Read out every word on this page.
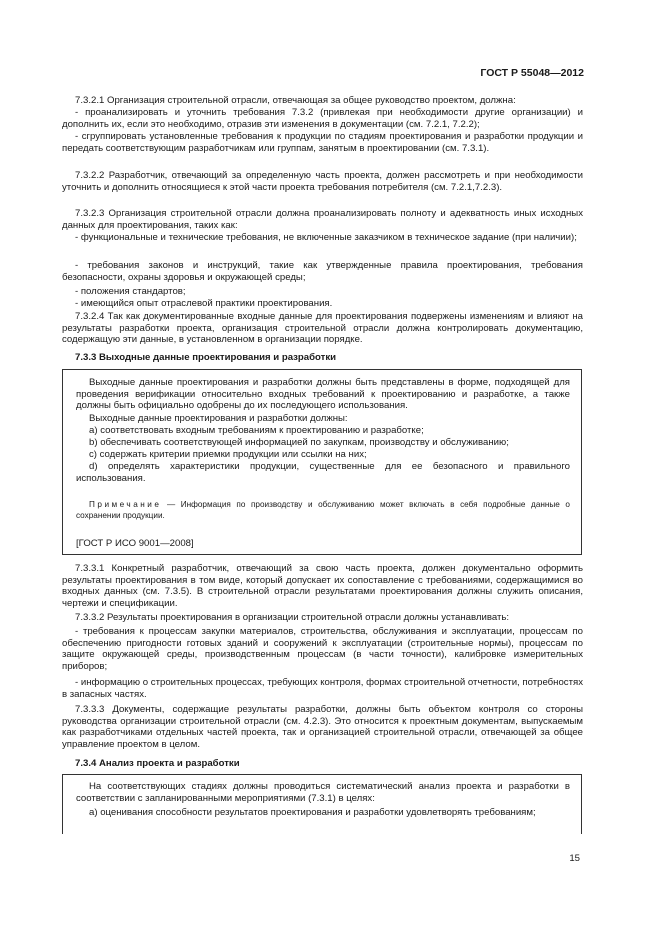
ГОСТ Р 55048—2012

7.3.2.1 Организация строительной отрасли, отвечающая за общее руководство проектом, должна:

- проанализировать и уточнить требования 7.3.2 (привлекая при необходимости другие организации) и дополнить их, если это необходимо, отразив эти изменения в документации (см. 7.2.1, 7.2.2);

- сгруппировать установленные требования к продукции по стадиям проектирования и разработки продукции и передать соответствующим разработчикам или группам, занятым в проектировании (см. 7.3.1).

7.3.2.2 Разработчик, отвечающий за определенную часть проекта, должен рассмотреть и при необходимости уточнить и дополнить относящиеся к этой части проекта требования потребителя (см. 7.2.1,7.2.3).

7.3.2.3 Организация строительной отрасли должна проанализировать полноту и адекватность иных исходных данных для проектирования, таких как:

- функциональные и технические требования, не включенные заказчиком в техническое задание (при наличии);

- требования законов и инструкций, такие как утвержденные правила проектирования, требования безопасности, охраны здоровья и окружающей среды;

- положения стандартов;

- имеющийся опыт отраслевой практики проектирования.

7.3.2.4 Так как документированные входные данные для проектирования подвержены изменениям и влияют на результаты разработки проекта, организация строительной отрасли должна контролировать документацию, содержащую эти данные, в установленном в организации порядке.

7.3.3 Выходные данные проектирования и разработки

Выходные данные проектирования и разработки должны быть представлены в форме, подходящей для проведения верификации относительно входных требований к проектированию и разработке, а также должны быть официально одобрены до их последующего использования.

Выходные данные проектирования и разработки должны:

a) соответствовать входным требованиям к проектированию и разработке;

b) обеспечивать соответствующей информацией по закупкам, производству и обслуживанию;

c) содержать критерии приемки продукции или ссылки на них;

d) определять характеристики продукции, существенные для ее безопасного и правильного использования.

Примечание — Информация по производству и обслуживанию может включать в себя подробные данные о сохранении продукции.

[ГОСТ Р ИСО 9001—2008]

7.3.3.1 Конкретный разработчик, отвечающий за свою часть проекта, должен документально оформить результаты проектирования в том виде, который допускает их сопоставление с требованиями, содержащимися во входных данных (см. 7.3.5). В строительной отрасли результатами проектирования должны служить описания, чертежи и спецификации.

7.3.3.2 Результаты проектирования в организации строительной отрасли должны устанавливать:

- требования к процессам закупки материалов, строительства, обслуживания и эксплуатации, процессам по обеспечению пригодности готовых зданий и сооружений к эксплуатации (строительные нормы), процессам по защите окружающей среды, производственным процессам (в части точности), калибровке измерительных приборов;

- информацию о строительных процессах, требующих контроля, формах строительной отчетности, потребностях в запасных частях.

7.3.3.3 Документы, содержащие результаты разработки, должны быть объектом контроля со стороны руководства организации строительной отрасли (см. 4.2.3). Это относится к проектным документам, выпускаемым как разработчиками отдельных частей проекта, так и организацией строительной отрасли, отвечающей за общее управление проектом в целом.

7.3.4 Анализ проекта и разработки

На соответствующих стадиях должны проводиться систематический анализ проекта и разработки в соответствии с запланированными мероприятиями (7.3.1) в целях:

a) оценивания способности результатов проектирования и разработки удовлетворять требованиям;

15
